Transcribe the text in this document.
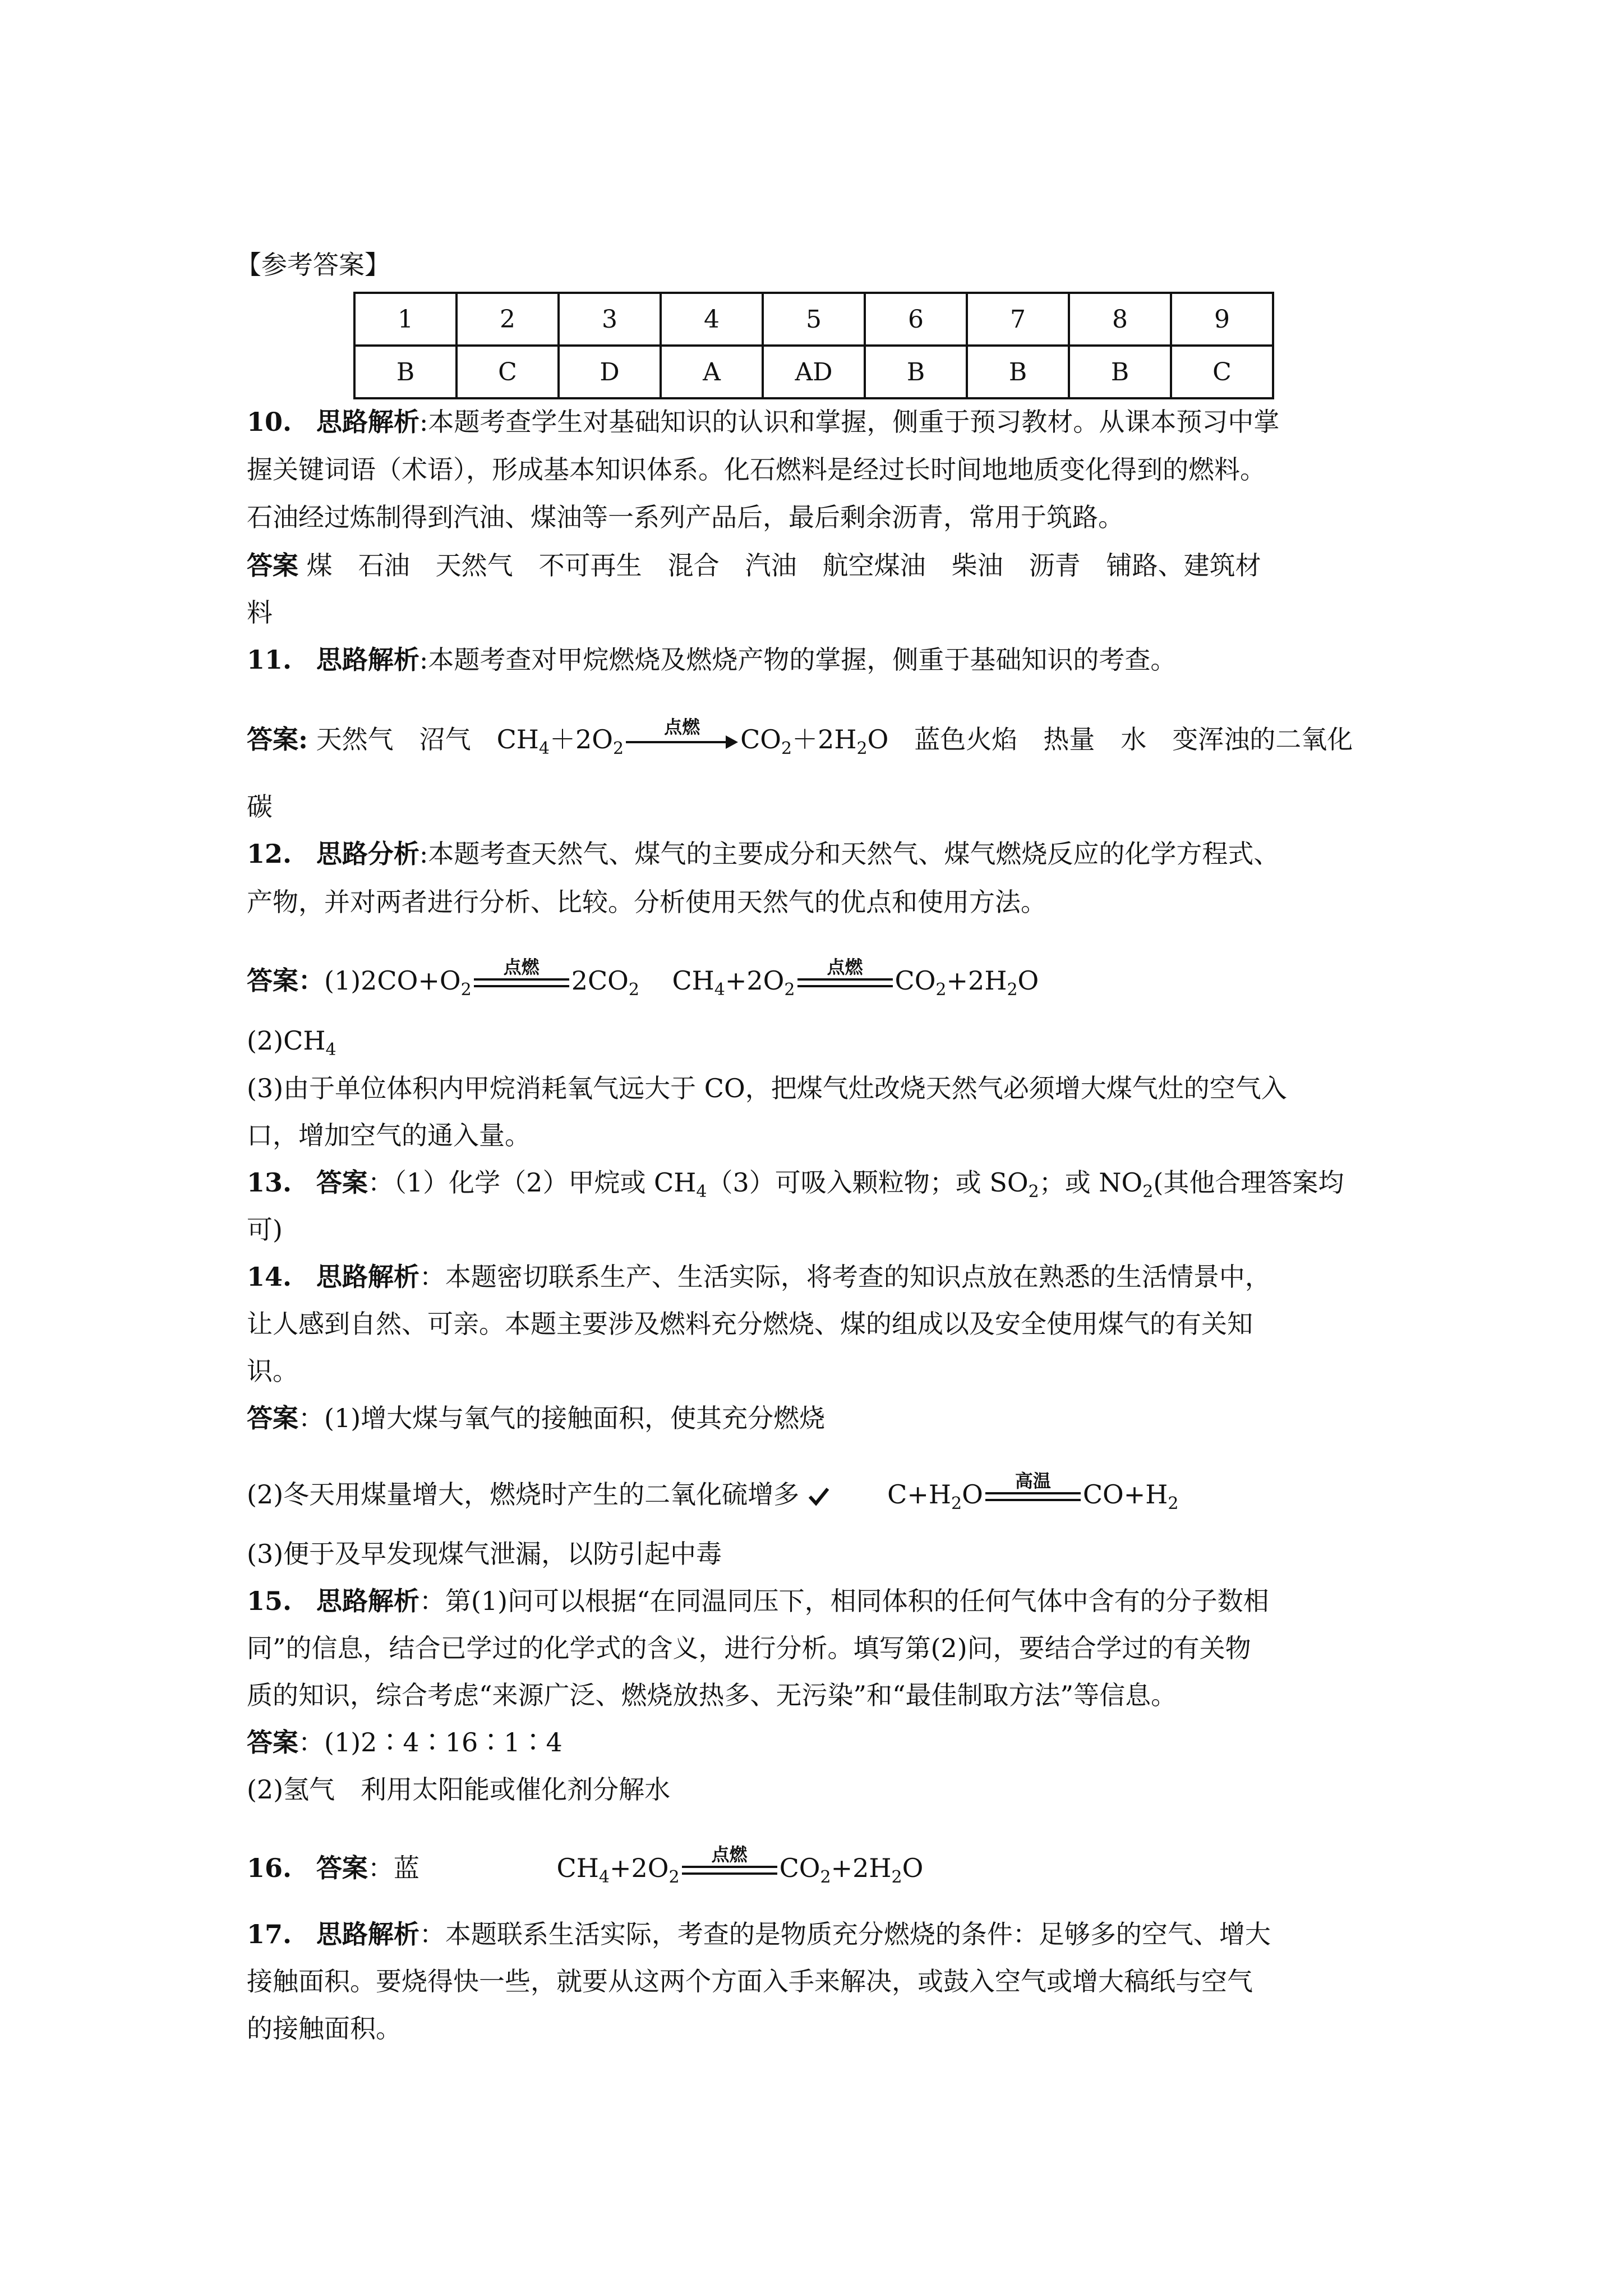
【参考答案】
1	2	3	4	5	6	7	8	9
B	C	D	A	AD	B	B	B	C
10. 思路解析:本题考查学生对基础知识的认识和掌握，侧重于预习教材。从课本预习中掌
握关键词语（术语），形成基本知识体系。化石燃料是经过长时间地地质变化得到的燃料。
石油经过炼制得到汽油、煤油等一系列产品后，最后剩余沥青，常用于筑路。
答案 煤　石油　天然气　不可再生　混合　汽油　航空煤油　柴油　沥青　铺路、建筑材
料
11. 思路解析:本题考查对甲烷燃烧及燃烧产物的掌握，侧重于基础知识的考查。
答案: 天然气　沼气　$CH_4+2O_2$
点燃	$CO_2+2H_2O$　蓝色火焰　热量　水　变浑浊的二氧化
碳
12. 思路分析:本题考查天然气、煤气的主要成分和天然气、煤气燃烧反应的化学方程式、
产物，并对两者进行分析、比较。分析使用天然气的优点和使用方法。
答案：$(1)2CO+O_2$
点燃	$2CO_2$ $CH_4+2O_2$
点燃	$CO_2+2H_2O$
$(2)CH_4$
(3)由于单位体积内甲烷消耗氧气远大于 CO，把煤气灶改烧天然气必须增大煤气灶的空气入
口，增加空气的通入量。
13. 答案：（1）化学（2）甲烷或 $CH_4(3)$可吸入颗粒物；或 $SO_2$；或 $NO_2$(其他合理答案均
可)
14. 思路解析：本题密切联系生产、生活实际，将考查的知识点放在熟悉的生活情景中，
让人感到自然、可亲。本题主要涉及燃料充分燃烧、煤的组成以及安全使用煤气的有关知
识。
答案：(1)增大煤与氧气的接触面积，使其充分燃烧
(2)冬天用煤量增大，燃烧时产生的二氧化硫增多	$C+H_2O$	高温	$CO+H_2$
(3)便于及早发现煤气泄漏，以防引起中毒
15. 思路解析：第(1)问可以根据“在同温同压下，相同体积的任何气体中含有的分子数相
同”的信息，结合已学过的化学式的含义，进行分析。填写第(2)问，要结合学过的有关物
质的知识，综合考虑“来源广泛、燃烧放热多、无污染”和“最佳制取方法”等信息。
答案：(1)2∶4∶16∶1∶4
(2)氢气　利用太阳能或催化剂分解水
16. 答案：蓝	$CH_4+2O_2$
点燃	$CO_2+2H_2O$
17. 思路解析：本题联系生活实际，考查的是物质充分燃烧的条件：足够多的空气、增大
接触面积。要烧得快一些，就要从这两个方面入手来解决，或鼓入空气或增大稿纸与空气
的接触面积。
